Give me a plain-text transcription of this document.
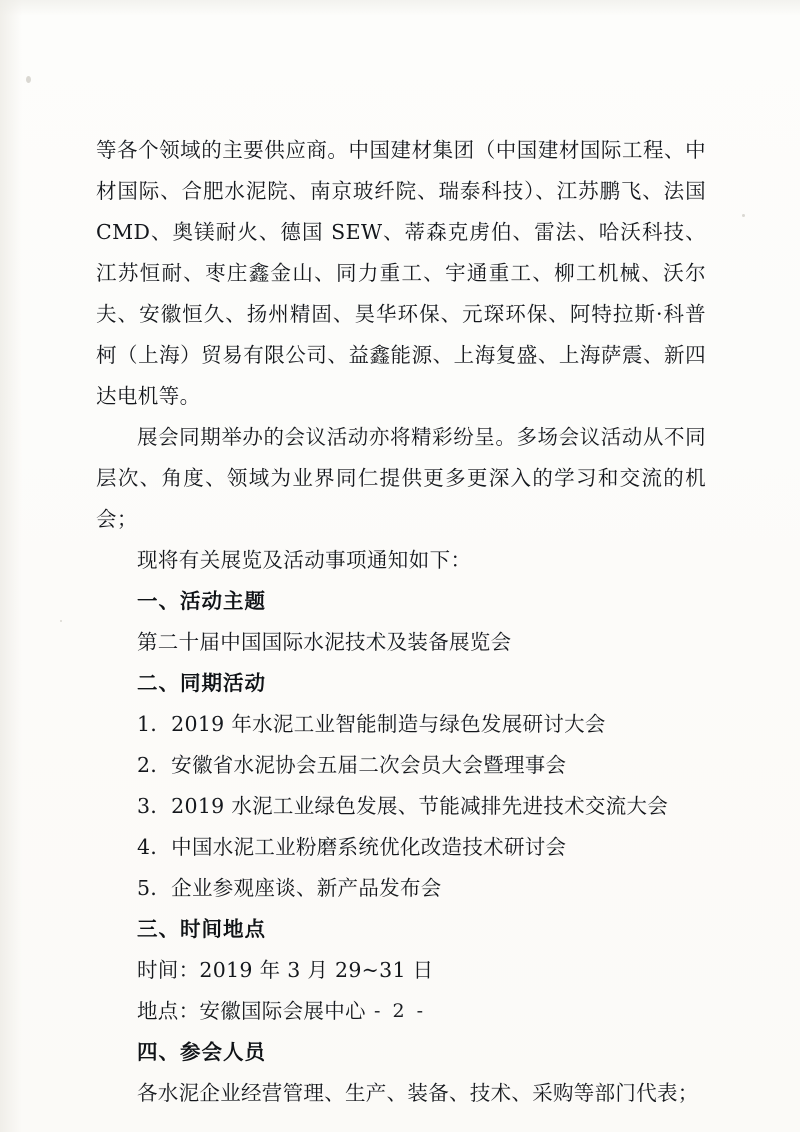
等各个领域的主要供应商。中国建材集团（中国建材国际工程、中材国际、合肥水泥院、南京玻纤院、瑞泰科技）、江苏鹏飞、法国 CMD、奥镁耐火、德国 SEW、蒂森克虏伯、雷法、哈沃科技、江苏恒耐、枣庄鑫金山、同力重工、宇通重工、柳工机械、沃尔夫、安徽恒久、扬州精固、昊华环保、元琛环保、阿特拉斯·科普柯（上海）贸易有限公司、益鑫能源、上海复盛、上海萨震、新四达电机等。

展会同期举办的会议活动亦将精彩纷呈。多场会议活动从不同层次、角度、领域为业界同仁提供更多更深入的学习和交流的机会；

现将有关展览及活动事项通知如下：

一、活动主题
第二十届中国国际水泥技术及装备展览会
二、同期活动
1．2019 年水泥工业智能制造与绿色发展研讨大会
2．安徽省水泥协会五届二次会员大会暨理事会
3．2019 水泥工业绿色发展、节能减排先进技术交流大会
4．中国水泥工业粉磨系统优化改造技术研讨会
5．企业参观座谈、新产品发布会
三、时间地点
时间：2019 年 3 月 29~31 日
地点：安徽国际会展中心
四、参会人员
各水泥企业经营管理、生产、装备、技术、采购等部门代表；
- 2 -
